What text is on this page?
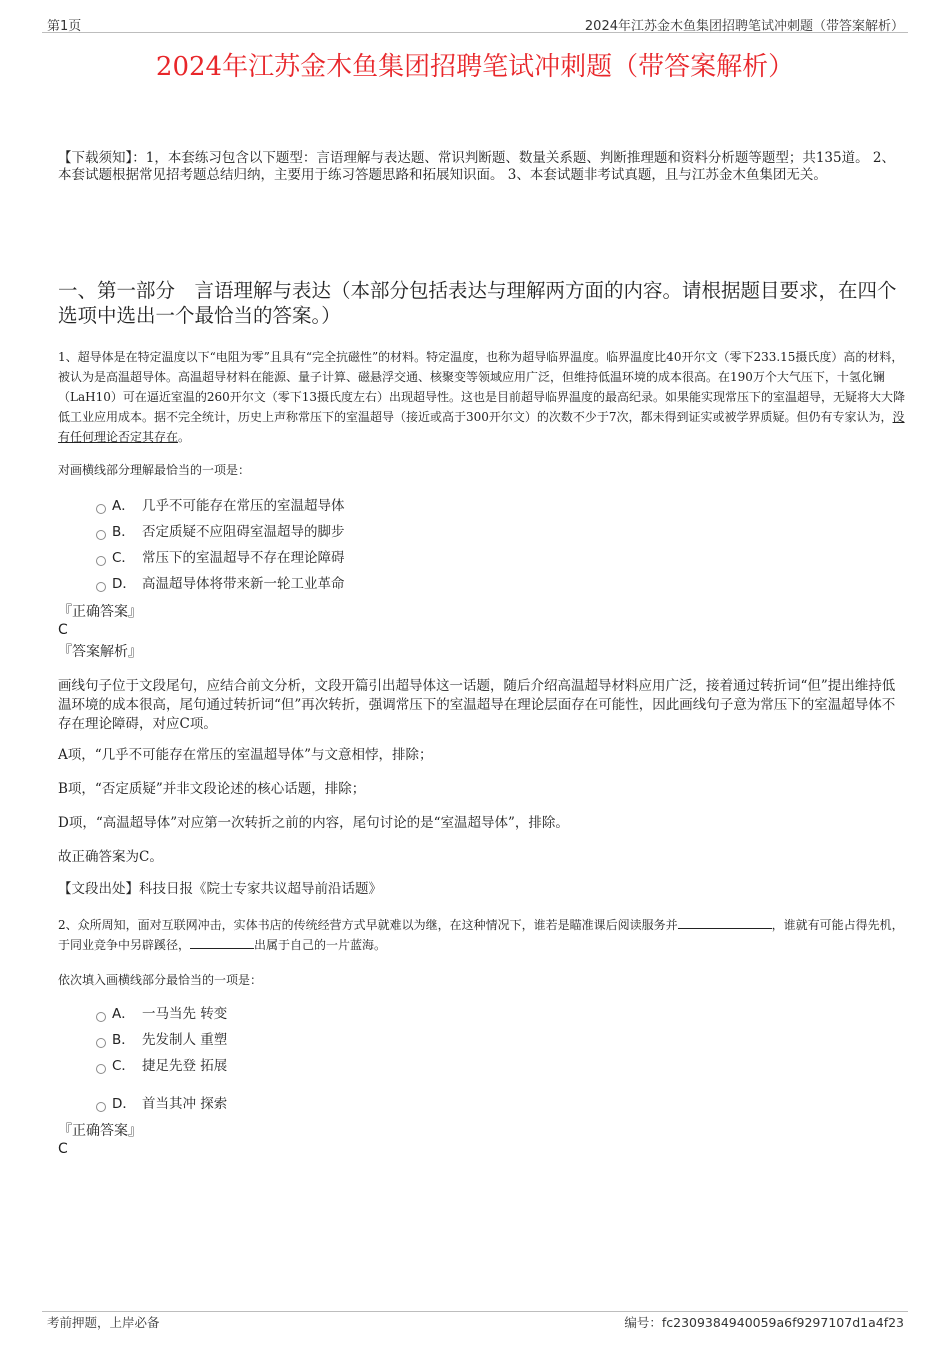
第1页	2024年江苏金木鱼集团招聘笔试冲刺题（带答案解析）
2024年江苏金木鱼集团招聘笔试冲刺题（带答案解析）
【下载须知】：1，本套练习包含以下题型：言语理解与表达题、常识判断题、数量关系题、判断推理题和资料分析题等题型；共135道。 2、本套试题根据常见招考题总结归纳，主要用于练习答题思路和拓展知识面。 3、本套试题非考试真题，且与江苏金木鱼集团无关。
一、第一部分　言语理解与表达（本部分包括表达与理解两方面的内容。请根据题目要求，在四个选项中选出一个最恰当的答案。）
1、超导体是在特定温度以下“电阻为零”且具有“完全抗磁性”的材料。特定温度，也称为超导临界温度。临界温度比40开尔文（零下233.15摄氏度）高的材料，被认为是高温超导体。高温超导材料在能源、量子计算、磁悬浮交通、核聚变等领域应用广泛，但维持低温环境的成本很高。在190万个大气压下，十氢化镧（LaH10）可在逼近室温的260开尔文（零下13摄氏度左右）出现超导性。这也是目前超导临界温度的最高纪录。如果能实现常压下的室温超导，无疑将大大降低工业应用成本。据不完全统计，历史上声称常压下的室温超导（接近或高于300开尔文）的次数不少于7次，都未得到证实或被学界质疑。但仍有专家认为，没有任何理论否定其存在。
对画横线部分理解最恰当的一项是：
A． 几乎不可能存在常压的室温超导体
B． 否定质疑不应阻碍室温超导的脚步
C． 常压下的室温超导不存在理论障碍
D． 高温超导体将带来新一轮工业革命
『正确答案』
C
『答案解析』
画线句子位于文段尾句，应结合前文分析，文段开篇引出超导体这一话题，随后介绍高温超导材料应用广泛，接着通过转折词“但”提出维持低温环境的成本很高，尾句通过转折词“但”再次转折，强调常压下的室温超导在理论层面存在可能性，因此画线句子意为常压下的室温超导体不存在理论障碍，对应C项。
A项，“几乎不可能存在常压的室温超导体”与文意相悖，排除；
B项，“否定质疑”并非文段论述的核心话题，排除；
D项，“高温超导体”对应第一次转折之前的内容，尾句讨论的是“室温超导体”，排除。
故正确答案为C。
【文段出处】科技日报《院士专家共议超导前沿话题》
2、众所周知，面对互联网冲击，实体书店的传统经营方式早就难以为继，在这种情况下，谁若是瞄准课后阅读服务并	，谁就有可能占得先机，于同业竞争中另辟蹊径，	出属于自己的一片蓝海。
依次填入画横线部分最恰当的一项是：
A． 一马当先 转变
B． 先发制人 重塑
C． 捷足先登 拓展
D． 首当其冲 探索
『正确答案』
C
考前押题，上岸必备	编号：fc2309384940059a6f9297107d1a4f23
